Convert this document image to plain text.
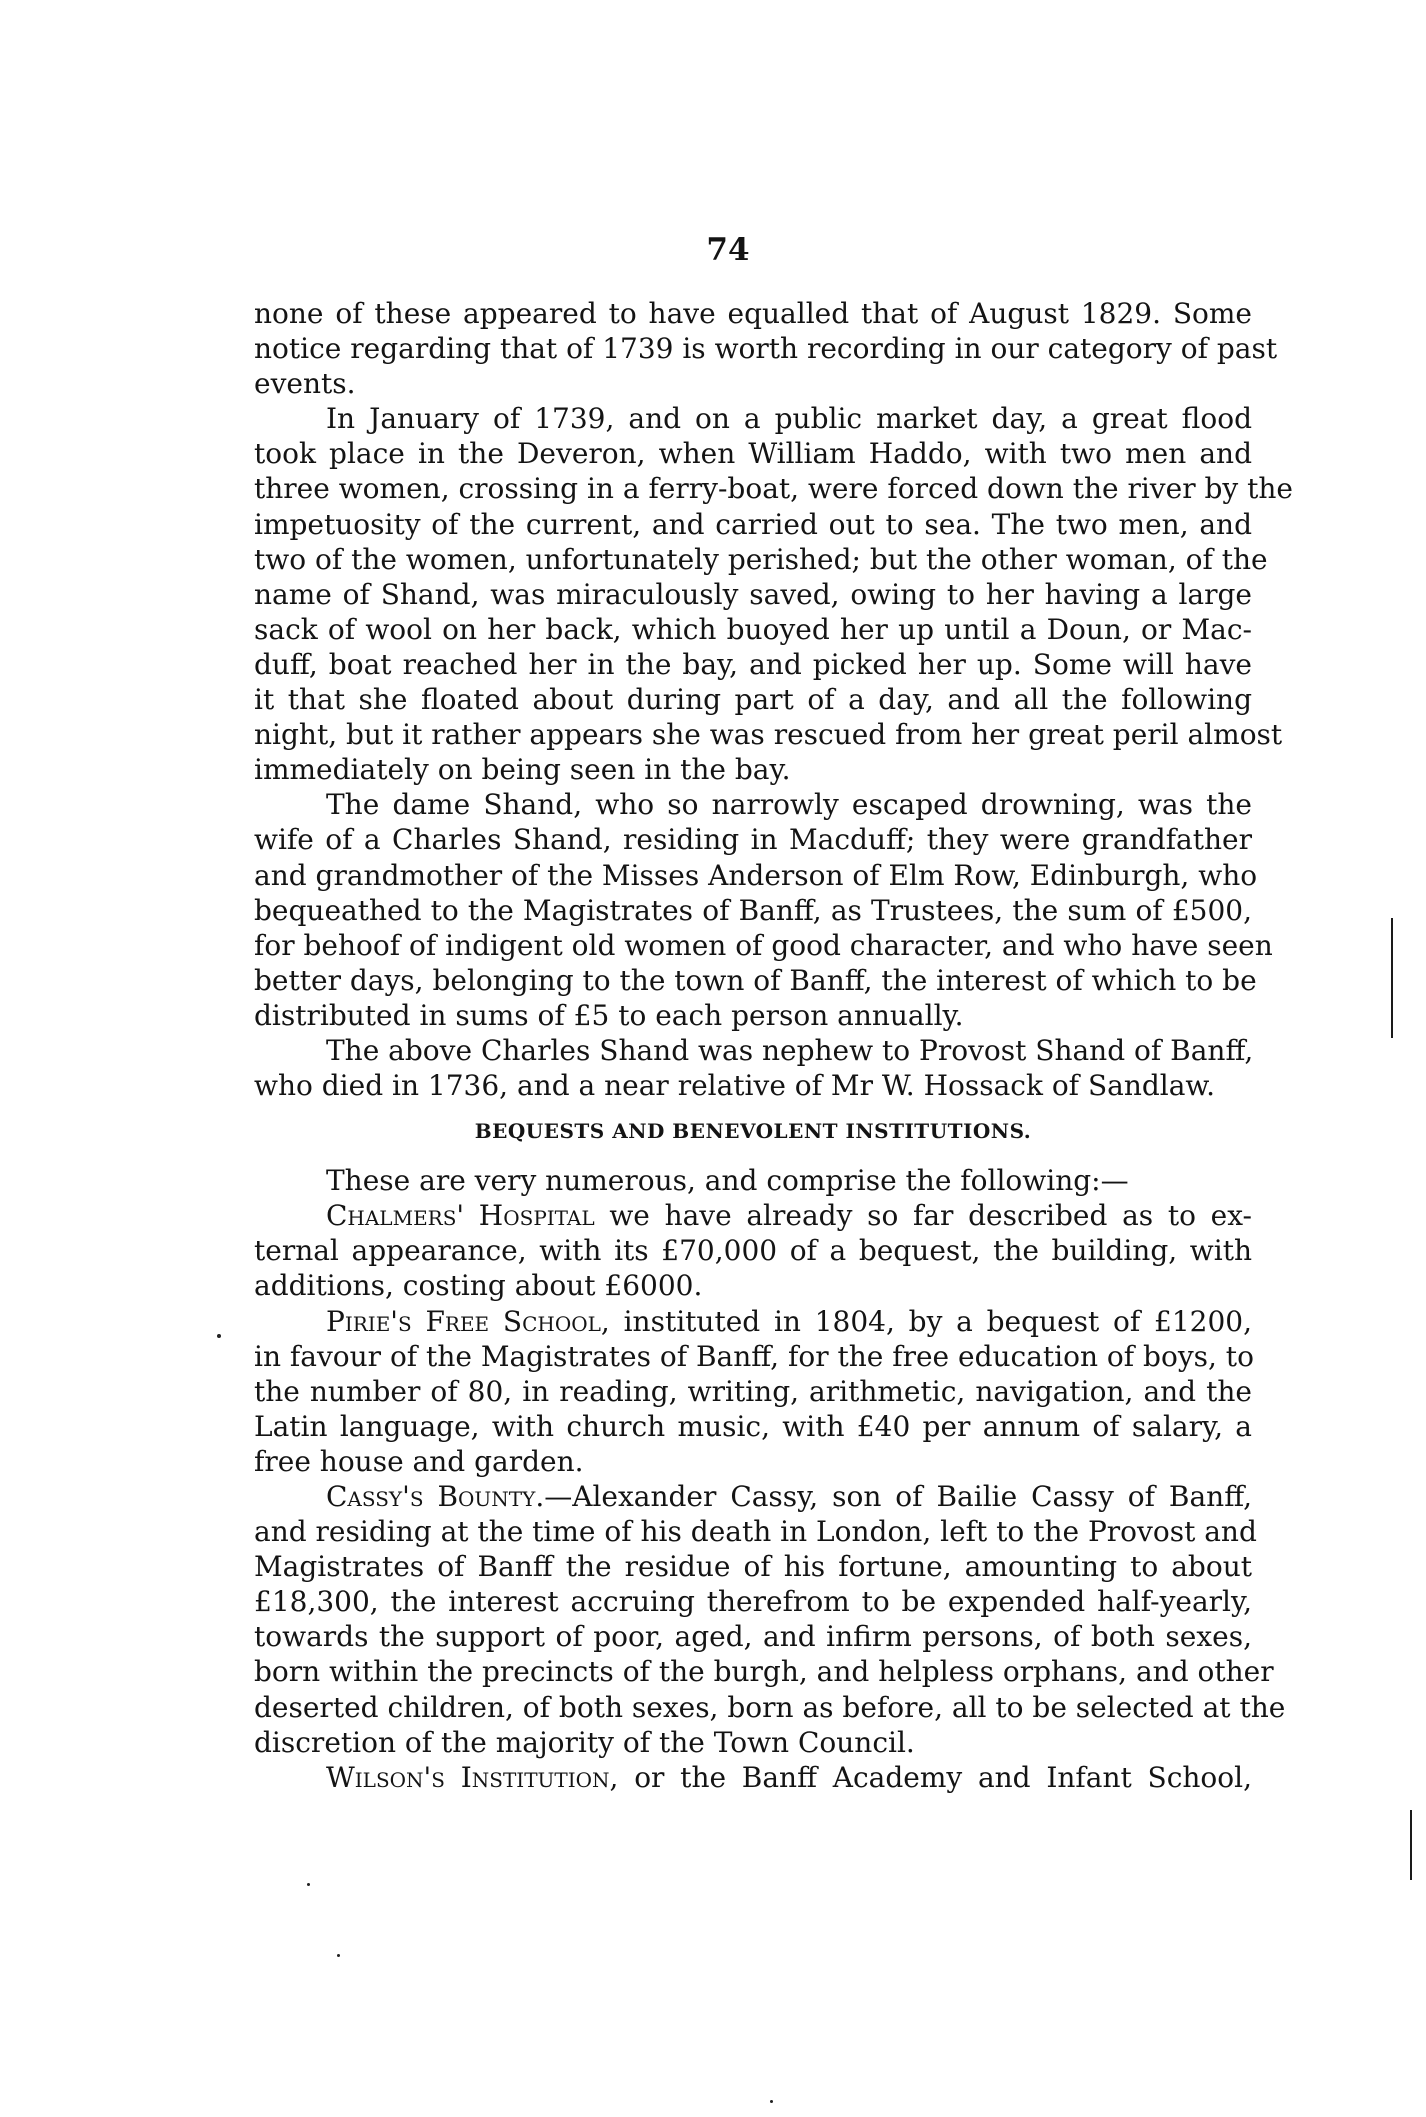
74
none of these appeared to have equalled that of August 1829. Some
notice regarding that of 1739 is worth recording in our category of past
events.
In January of 1739, and on a public market day, a great flood
took place in the Deveron, when William Haddo, with two men and
three women, crossing in a ferry-boat, were forced down the river by the
impetuosity of the current, and carried out to sea. The two men, and
two of the women, unfortunately perished; but the other woman, of the
name of Shand, was miraculously saved, owing to her having a large
sack of wool on her back, which buoyed her up until a Doun, or Mac-
duff, boat reached her in the bay, and picked her up. Some will have
it that she floated about during part of a day, and all the following
night, but it rather appears she was rescued from her great peril almost
immediately on being seen in the bay.
The dame Shand, who so narrowly escaped drowning, was the
wife of a Charles Shand, residing in Macduff; they were grandfather
and grandmother of the Misses Anderson of Elm Row, Edinburgh, who
bequeathed to the Magistrates of Banff, as Trustees, the sum of £500,
for behoof of indigent old women of good character, and who have seen
better days, belonging to the town of Banff, the interest of which to be
distributed in sums of £5 to each person annually.
The above Charles Shand was nephew to Provost Shand of Banff,
who died in 1736, and a near relative of Mr W. Hossack of Sandlaw.
BEQUESTS AND BENEVOLENT INSTITUTIONS.
These are very numerous, and comprise the following:—
Chalmers' Hospital we have already so far described as to ex-
ternal appearance, with its £70,000 of a bequest, the building, with
additions, costing about £6000.
Pirie's Free School, instituted in 1804, by a bequest of £1200,
in favour of the Magistrates of Banff, for the free education of boys, to
the number of 80, in reading, writing, arithmetic, navigation, and the
Latin language, with church music, with £40 per annum of salary, a
free house and garden.
Cassy's Bounty.—Alexander Cassy, son of Bailie Cassy of Banff,
and residing at the time of his death in London, left to the Provost and
Magistrates of Banff the residue of his fortune, amounting to about
£18,300, the interest accruing therefrom to be expended half-yearly,
towards the support of poor, aged, and infirm persons, of both sexes,
born within the precincts of the burgh, and helpless orphans, and other
deserted children, of both sexes, born as before, all to be selected at the
discretion of the majority of the Town Council.
Wilson's Institution, or the Banff Academy and Infant School,
